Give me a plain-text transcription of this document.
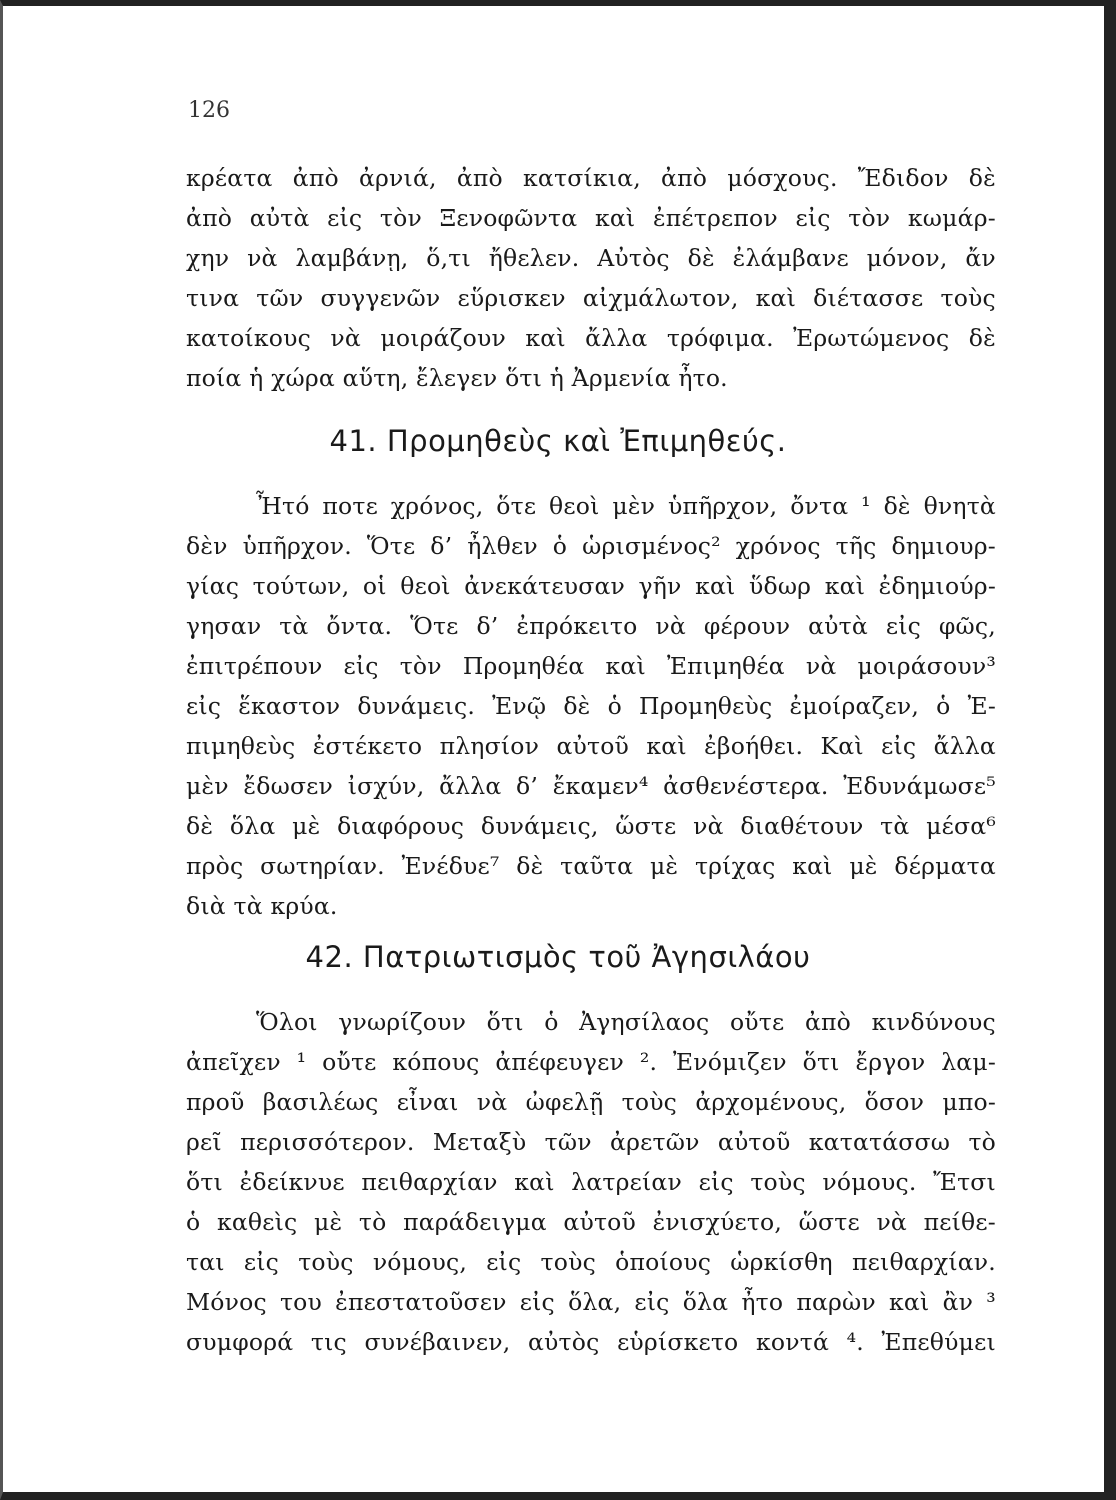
126
κρέατα ἀπὸ ἀρνιά, ἀπὸ κατσίκια, ἀπὸ μόσχους. Ἔδιδον δὲ
ἀπὸ αὐτὰ εἰς τὸν Ξενοφῶντα καὶ ἐπέτρεπον εἰς τὸν κωμάρ-
χην νὰ λαμβάνῃ, ὅ,τι ἤθελεν. Αὐτὸς δὲ ἐλάμβανε μόνον, ἄν
τινα τῶν συγγενῶν εὕρισκεν αἰχμάλωτον, καὶ διέτασσε τοὺς
κατοίκους νὰ μοιράζουν καὶ ἄλλα τρόφιμα. Ἐρωτώμενος δὲ
ποία ἡ χώρα αὕτη, ἔλεγεν ὅτι ἡ Ἀρμενία ἦτο.
41. Προμηθεὺς καὶ Ἐπιμηθεύς.
Ἦτό ποτε χρόνος, ὅτε θεοὶ μὲν ὑπῆρχον, ὄντα ¹ δὲ θνητὰ
δὲν ὑπῆρχον. Ὅτε δ’ ἦλθεν ὁ ὡρισμένος² χρόνος τῆς δημιουρ-
γίας τούτων, οἱ θεοὶ ἀνεκάτευσαν γῆν καὶ ὕδωρ καὶ ἐδημιούρ-
γησαν τὰ ὄντα. Ὅτε δ’ ἐπρόκειτο νὰ φέρουν αὐτὰ εἰς φῶς,
ἐπιτρέπουν εἰς τὸν Προμηθέα καὶ Ἐπιμηθέα νὰ μοιράσουν³
εἰς ἕκαστον δυνάμεις. Ἐνῷ δὲ ὁ Προμηθεὺς ἐμοίραζεν, ὁ Ἐ-
πιμηθεὺς ἐστέκετο πλησίον αὐτοῦ καὶ ἐβοήθει. Καὶ εἰς ἄλλα
μὲν ἔδωσεν ἰσχύν, ἄλλα δ’ ἔκαμεν⁴ ἀσθενέστερα. Ἐδυνάμωσε⁵
δὲ ὅλα μὲ διαφόρους δυνάμεις, ὥστε νὰ διαθέτουν τὰ μέσα⁶
πρὸς σωτηρίαν. Ἐνέδυε⁷ δὲ ταῦτα μὲ τρίχας καὶ μὲ δέρματα
διὰ τὰ κρύα.
42. Πατριωτισμὸς τοῦ Ἀγησιλάου
Ὅλοι γνωρίζουν ὅτι ὁ Ἀγησίλαος οὔτε ἀπὸ κινδύνους
ἀπεῖχεν ¹ οὔτε κόπους ἀπέφευγεν ². Ἐνόμιζεν ὅτι ἔργον λαμ-
προῦ βασιλέως εἶναι νὰ ὠφελῇ τοὺς ἀρχομένους, ὅσον μπο-
ρεῖ περισσότερον. Μεταξὺ τῶν ἀρετῶν αὐτοῦ κατατάσσω τὸ
ὅτι ἐδείκνυε πειθαρχίαν καὶ λατρείαν εἰς τοὺς νόμους. Ἔτσι
ὁ καθεὶς μὲ τὸ παράδειγμα αὐτοῦ ἐνισχύετο, ὥστε νὰ πείθε-
ται εἰς τοὺς νόμους, εἰς τοὺς ὁποίους ὡρκίσθη πειθαρχίαν.
Μόνος του ἐπεστατοῦσεν εἰς ὅλα, εἰς ὅλα ἦτο παρὼν καὶ ἂν ³
συμφορά τις συνέβαινεν, αὐτὸς εὑρίσκετο κοντά ⁴. Ἐπεθύμει
